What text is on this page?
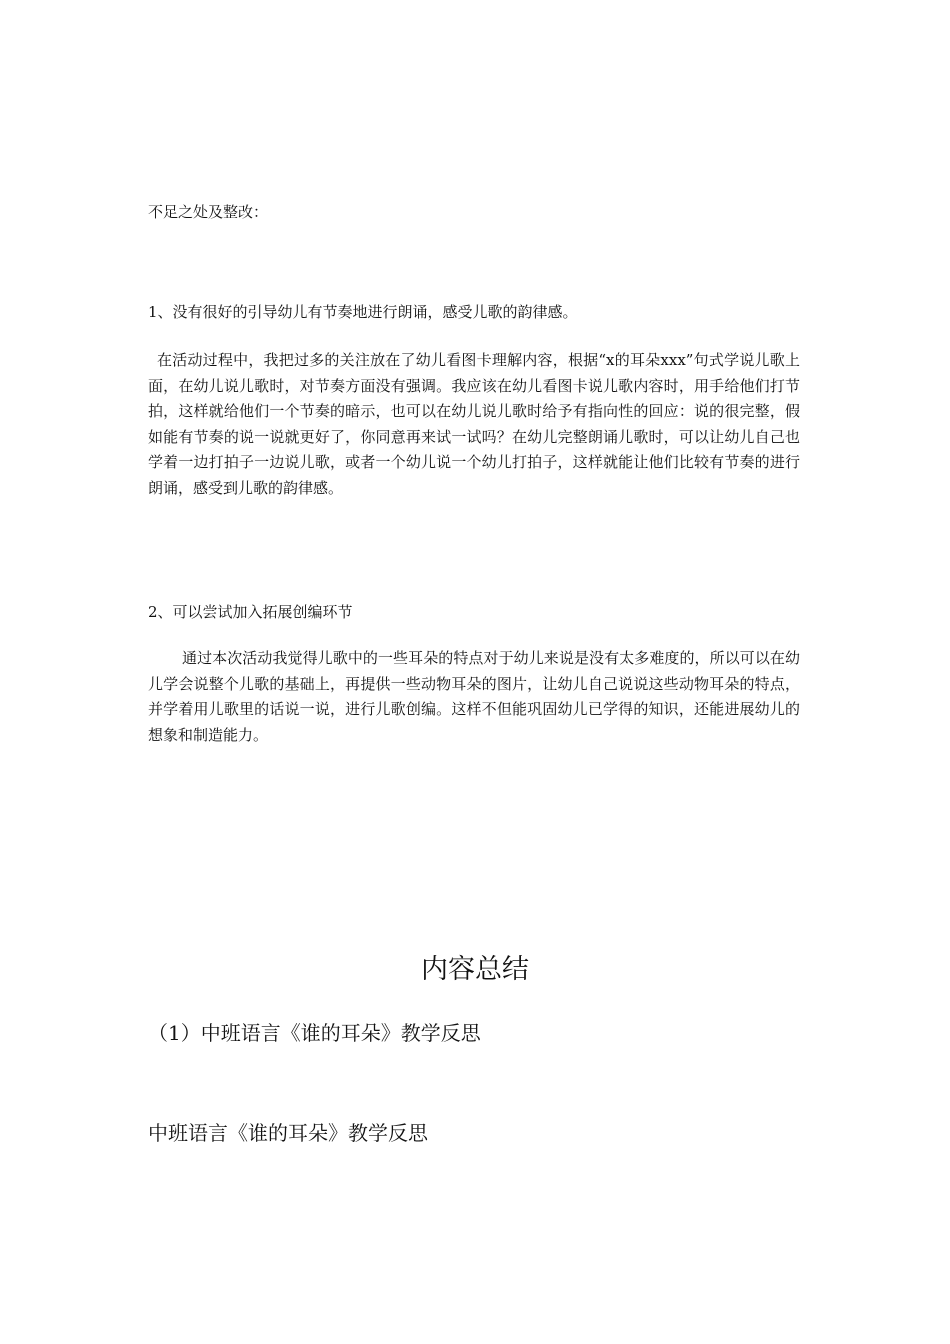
不足之处及整改：

1、没有很好的引导幼儿有节奏地进行朗诵，感受儿歌的韵律感。

在活动过程中，我把过多的关注放在了幼儿看图卡理解内容，根据“x的耳朵xxx”句式学说儿歌上面，在幼儿说儿歌时，对节奏方面没有强调。我应该在幼儿看图卡说儿歌内容时，用手给他们打节拍，这样就给他们一个节奏的暗示，也可以在幼儿说儿歌时给予有指向性的回应：说的很完整，假如能有节奏的说一说就更好了，你同意再来试一试吗？在幼儿完整朗诵儿歌时，可以让幼儿自己也学着一边打拍子一边说儿歌，或者一个幼儿说一个幼儿打拍子，这样就能让他们比较有节奏的进行朗诵，感受到儿歌的韵律感。

2、可以尝试加入拓展创编环节

通过本次活动我觉得儿歌中的一些耳朵的特点对于幼儿来说是没有太多难度的，所以可以在幼儿学会说整个儿歌的基础上，再提供一些动物耳朵的图片，让幼儿自己说说这些动物耳朵的特点，并学着用儿歌里的话说一说，进行儿歌创编。这样不但能巩固幼儿已学得的知识，还能进展幼儿的想象和制造能力。

内容总结

（1）中班语言《谁的耳朵》教学反思

中班语言《谁的耳朵》教学反思
